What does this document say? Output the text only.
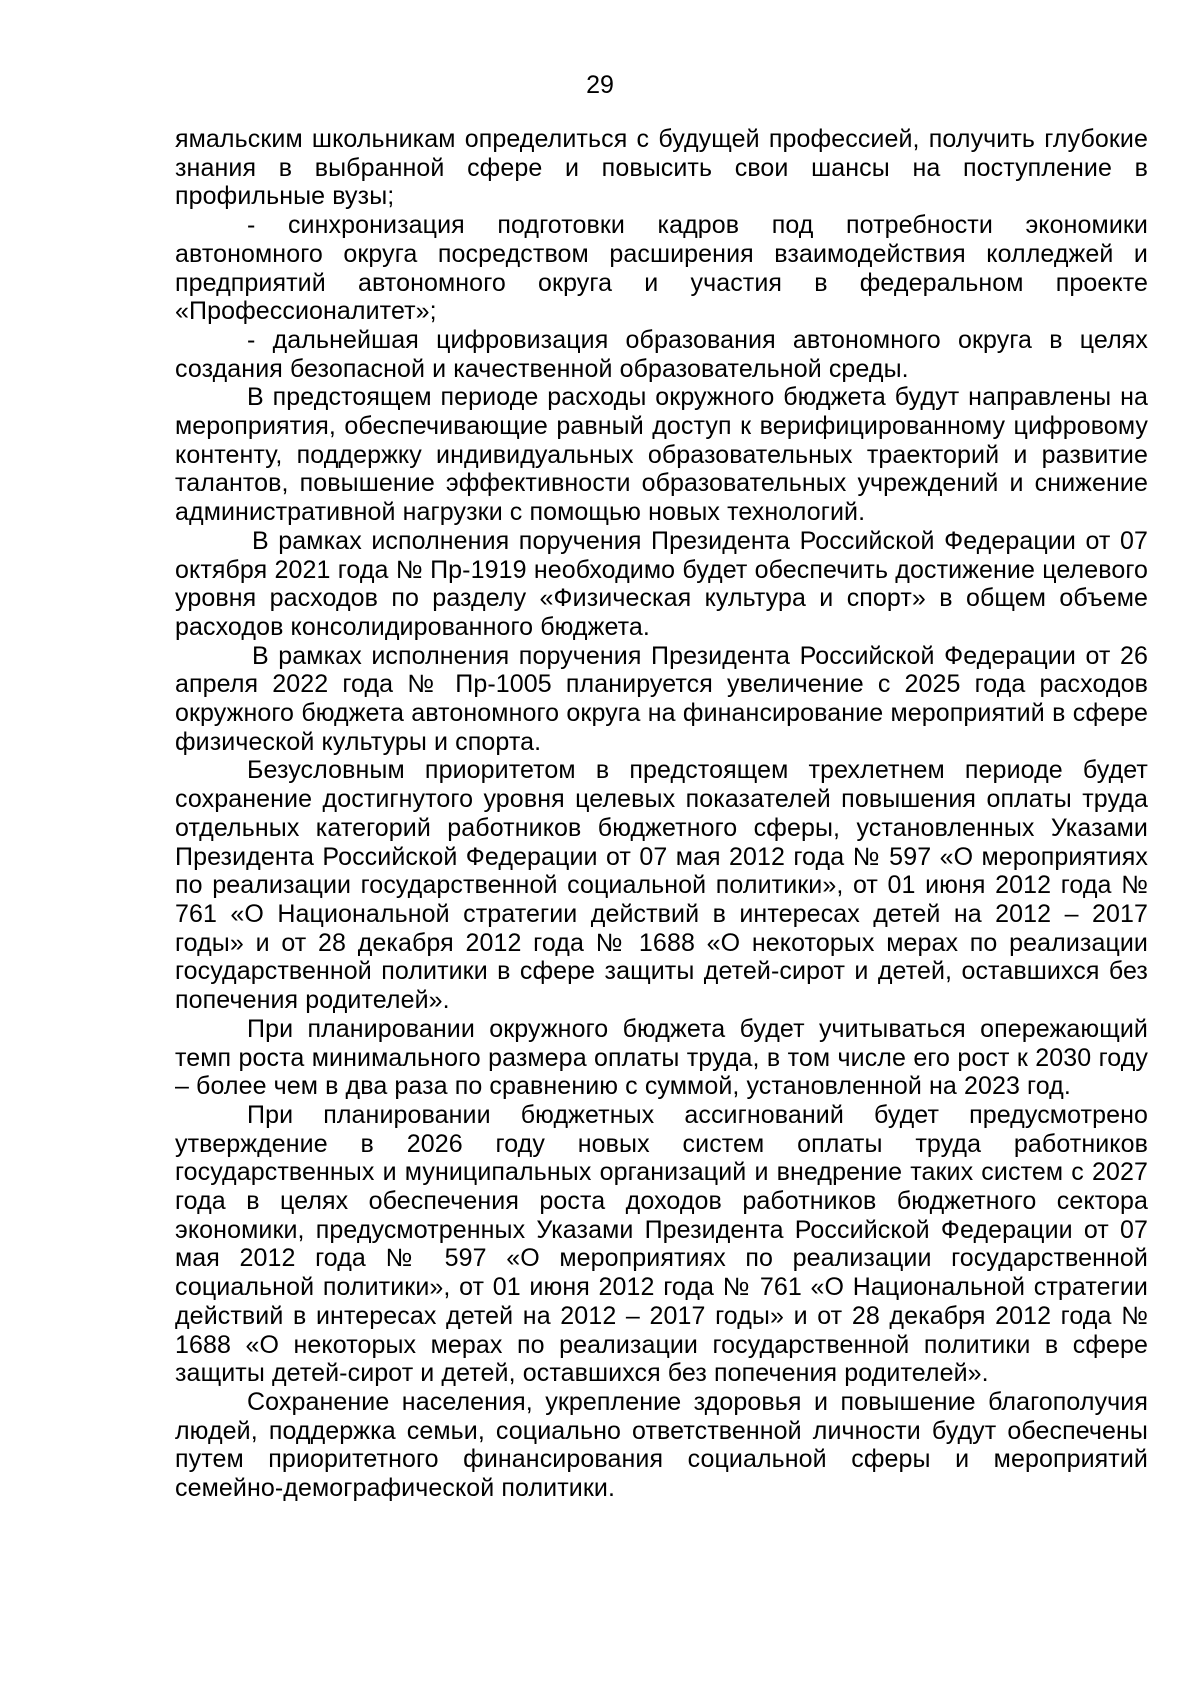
29

ямальским школьникам определиться с будущей профессией, получить глубокие знания в выбранной сфере и повысить свои шансы на поступление в профильные вузы;

- синхронизация подготовки кадров под потребности экономики автономного округа посредством расширения взаимодействия колледжей и предприятий автономного округа и участия в федеральном проекте «Профессионалитет»;

- дальнейшая цифровизация образования автономного округа в целях создания безопасной и качественной образовательной среды.

В предстоящем периоде расходы окружного бюджета будут направлены на мероприятия, обеспечивающие равный доступ к верифицированному цифровому контенту, поддержку индивидуальных образовательных траекторий и развитие талантов, повышение эффективности образовательных учреждений и снижение административной нагрузки с помощью новых технологий.

В рамках исполнения поручения Президента Российской Федерации от 07 октября 2021 года № Пр-1919 необходимо будет обеспечить достижение целевого уровня расходов по разделу «Физическая культура и спорт» в общем объеме расходов консолидированного бюджета.

В рамках исполнения поручения Президента Российской Федерации от 26 апреля 2022 года № Пр-1005 планируется увеличение с 2025 года расходов окружного бюджета автономного округа на финансирование мероприятий в сфере физической культуры и спорта.

Безусловным приоритетом в предстоящем трехлетнем периоде будет сохранение достигнутого уровня целевых показателей повышения оплаты труда отдельных категорий работников бюджетного сферы, установленных Указами Президента Российской Федерации от 07 мая 2012 года № 597 «О мероприятиях по реализации государственной социальной политики», от 01 июня 2012 года № 761 «О Национальной стратегии действий в интересах детей на 2012 – 2017 годы» и от 28 декабря 2012 года № 1688 «О некоторых мерах по реализации государственной политики в сфере защиты детей-сирот и детей, оставшихся без попечения родителей».

При планировании окружного бюджета будет учитываться опережающий темп роста минимального размера оплаты труда, в том числе его рост к 2030 году – более чем в два раза по сравнению с суммой, установленной на 2023 год.

При планировании бюджетных ассигнований будет предусмотрено утверждение в 2026 году новых систем оплаты труда работников государственных и муниципальных организаций и внедрение таких систем с 2027 года в целях обеспечения роста доходов работников бюджетного сектора экономики, предусмотренных Указами Президента Российской Федерации от 07 мая 2012 года № 597 «О мероприятиях по реализации государственной социальной политики», от 01 июня 2012 года № 761 «О Национальной стратегии действий в интересах детей на 2012 – 2017 годы» и от 28 декабря 2012 года № 1688 «О некоторых мерах по реализации государственной политики в сфере защиты детей-сирот и детей, оставшихся без попечения родителей».

Сохранение населения, укрепление здоровья и повышение благополучия людей, поддержка семьи, социально ответственной личности будут обеспечены путем приоритетного финансирования социальной сферы и мероприятий семейно-демографической политики.
